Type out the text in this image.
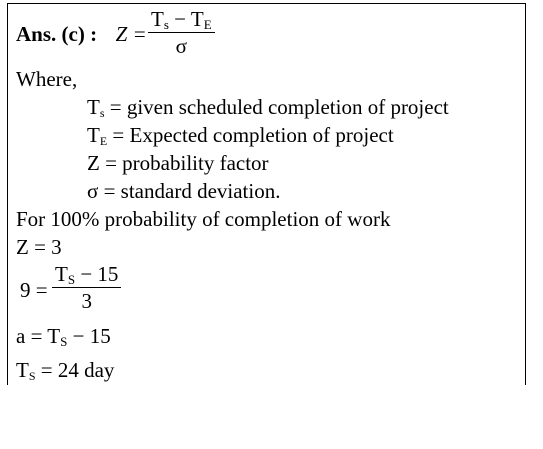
Ans. (c) : $Z = \frac{T_s - T_E}{\sigma}$
Where,
$T_s$ = given scheduled completion of project
$T_E$ = Expected completion of project
Z = probability factor
σ = standard deviation.
For 100% probability of completion of work
Z = 3
$9 = \frac{T_S - 15}{3}$
$a = T_S - 15$
$T_S = 24$ day
